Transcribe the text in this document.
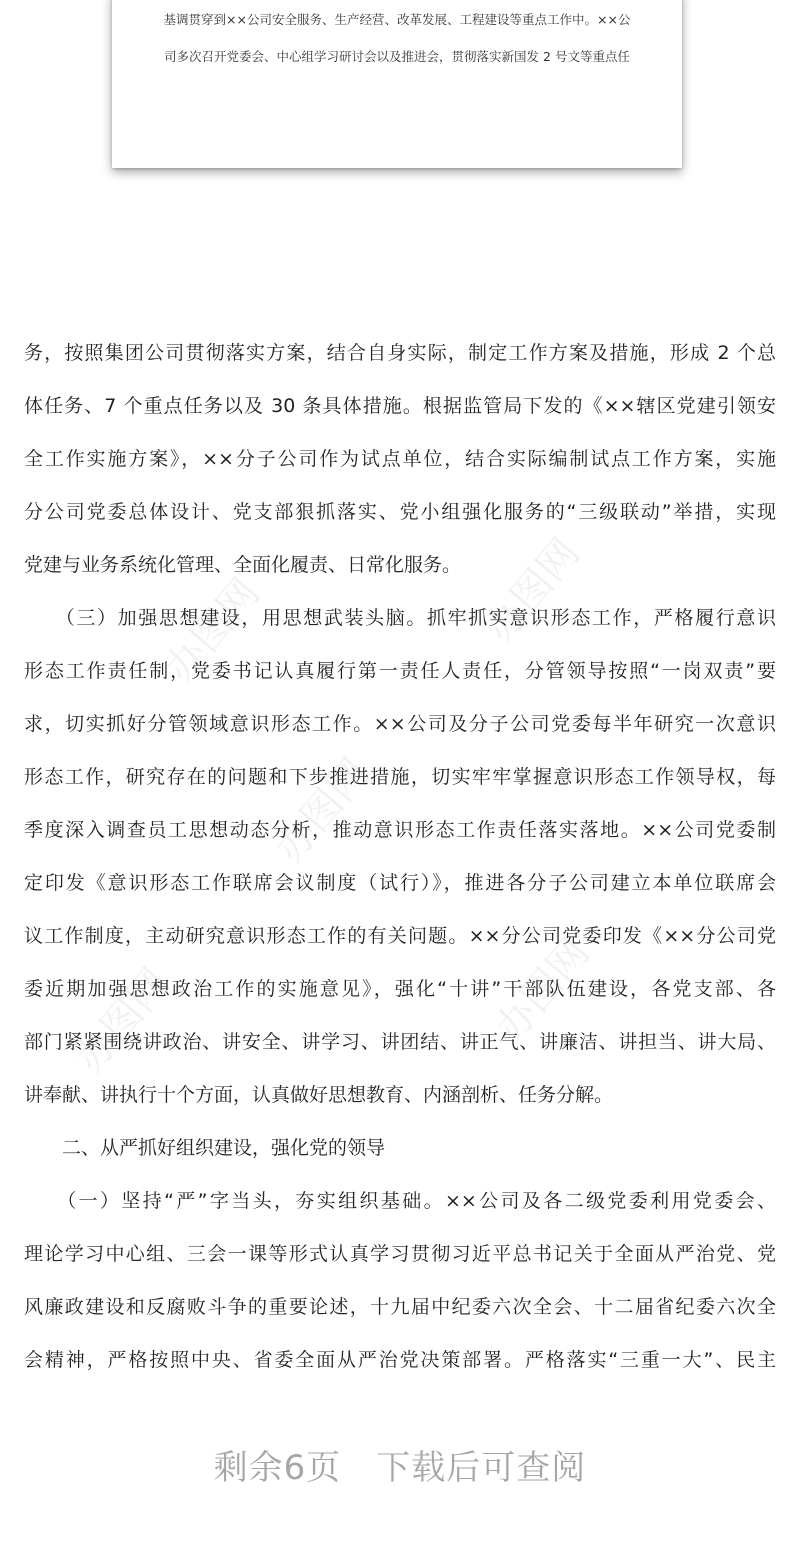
基调贯穿到××公司安全服务、生产经营、改革发展、工程建设等重点工作中。××公
司多次召开党委会、中心组学习研讨会以及推进会，贯彻落实新国发 2 号文等重点任
办图网	办图网
办图网
办图网	办图网
务，按照集团公司贯彻落实方案，结合自身实际，制定工作方案及措施，形成 2 个总
体任务、7 个重点任务以及 30 条具体措施。根据监管局下发的《××辖区党建引领安
全工作实施方案》，××分子公司作为试点单位，结合实际编制试点工作方案，实施
分公司党委总体设计、党支部狠抓落实、党小组强化服务的“三级联动”举措，实现
党建与业务系统化管理、全面化履责、日常化服务。
　　（三）加强思想建设，用思想武装头脑。抓牢抓实意识形态工作，严格履行意识
形态工作责任制，党委书记认真履行第一责任人责任，分管领导按照“一岗双责”要
求，切实抓好分管领域意识形态工作。××公司及分子公司党委每半年研究一次意识
形态工作，研究存在的问题和下步推进措施，切实牢牢掌握意识形态工作领导权，每
季度深入调查员工思想动态分析，推动意识形态工作责任落实落地。××公司党委制
定印发《意识形态工作联席会议制度（试行）》，推进各分子公司建立本单位联席会
议工作制度，主动研究意识形态工作的有关问题。××分公司党委印发《××分公司党
委近期加强思想政治工作的实施意见》，强化“十讲”干部队伍建设，各党支部、各
部门紧紧围绕讲政治、讲安全、讲学习、讲团结、讲正气、讲廉洁、讲担当、讲大局、
讲奉献、讲执行十个方面，认真做好思想教育、内涵剖析、任务分解。
　　二、从严抓好组织建设，强化党的领导
　　（一）坚持“严”字当头，夯实组织基础。××公司及各二级党委利用党委会、
理论学习中心组、三会一课等形式认真学习贯彻习近平总书记关于全面从严治党、党
风廉政建设和反腐败斗争的重要论述，十九届中纪委六次全会、十二届省纪委六次全
会精神，严格按照中央、省委全面从严治党决策部署。严格落实“三重一大”、民主
剩余6页　下载后可查阅
